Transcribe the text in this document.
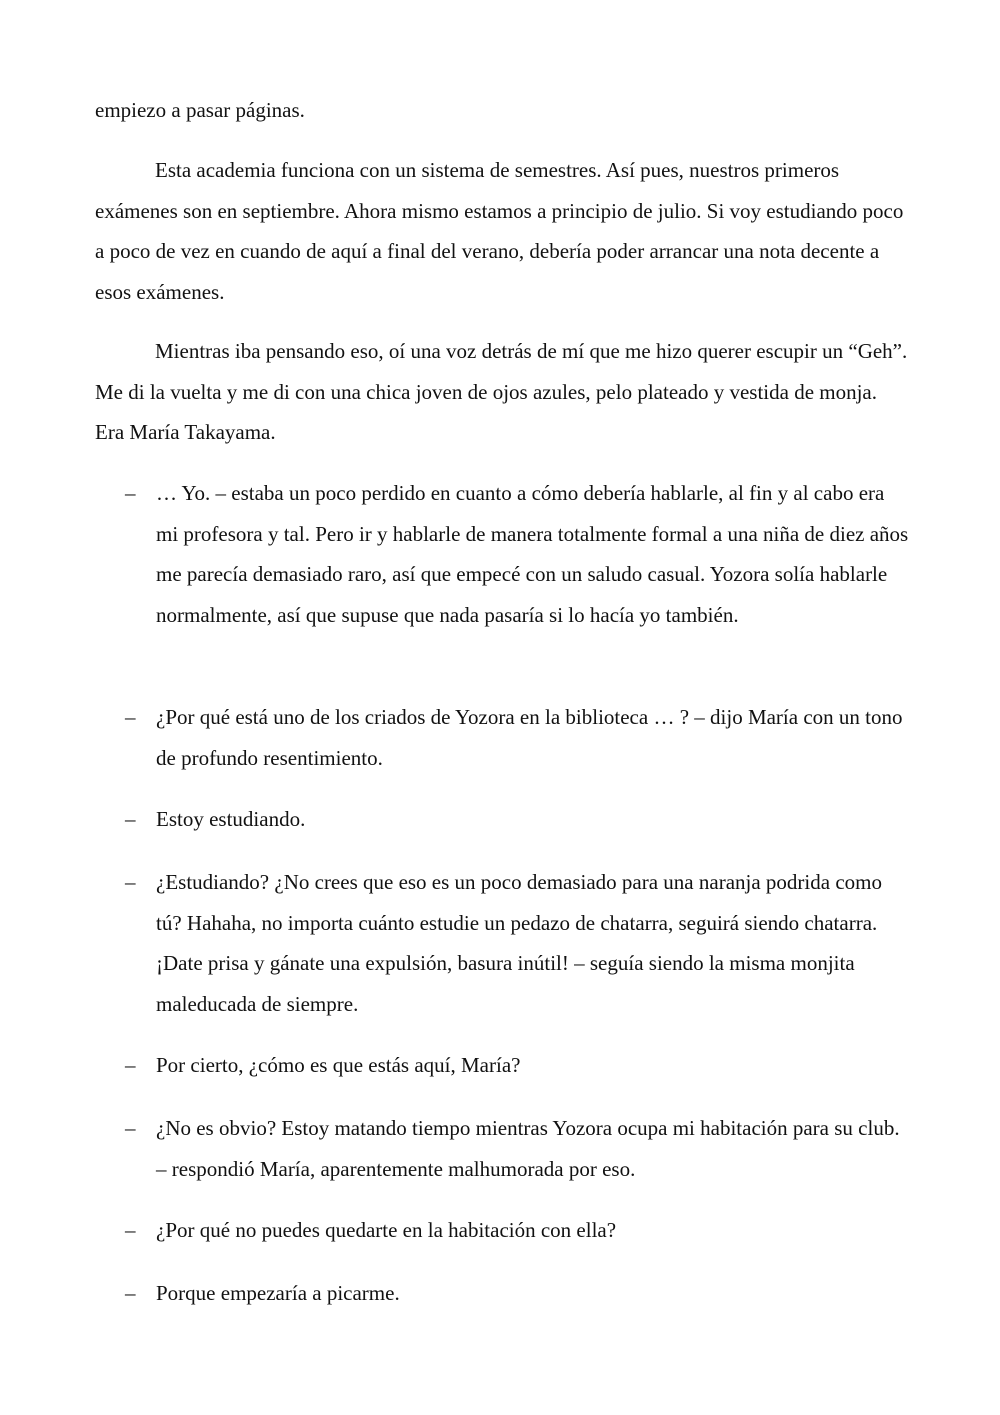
empiezo a pasar páginas.

Esta academia funciona con un sistema de semestres. Así pues, nuestros primeros exámenes son en septiembre. Ahora mismo estamos a principio de julio. Si voy estudiando poco a poco de vez en cuando de aquí a final del verano, debería poder arrancar una nota decente a esos exámenes.

Mientras iba pensando eso, oí una voz detrás de mí que me hizo querer escupir un “Geh”. Me di la vuelta y me di con una chica joven de ojos azules, pelo plateado y vestida de monja. Era María Takayama.

– … Yo. – estaba un poco perdido en cuanto a cómo debería hablarle, al fin y al cabo era mi profesora y tal. Pero ir y hablarle de manera totalmente formal a una niña de diez años me parecía demasiado raro, así que empecé con un saludo casual. Yozora solía hablarle normalmente, así que supuse que nada pasaría si lo hacía yo también.
– ¿Por qué está uno de los criados de Yozora en la biblioteca … ? – dijo María con un tono de profundo resentimiento.
– Estoy estudiando.
– ¿Estudiando? ¿No crees que eso es un poco demasiado para una naranja podrida como tú? Hahaha, no importa cuánto estudie un pedazo de chatarra, seguirá siendo chatarra. ¡Date prisa y gánate una expulsión, basura inútil! – seguía siendo la misma monjita maleducada de siempre.
– Por cierto, ¿cómo es que estás aquí, María?
– ¿No es obvio? Estoy matando tiempo mientras Yozora ocupa mi habitación para su club. – respondió María, aparentemente malhumorada por eso.
– ¿Por qué no puedes quedarte en la habitación con ella?
– Porque empezaría a picarme.
